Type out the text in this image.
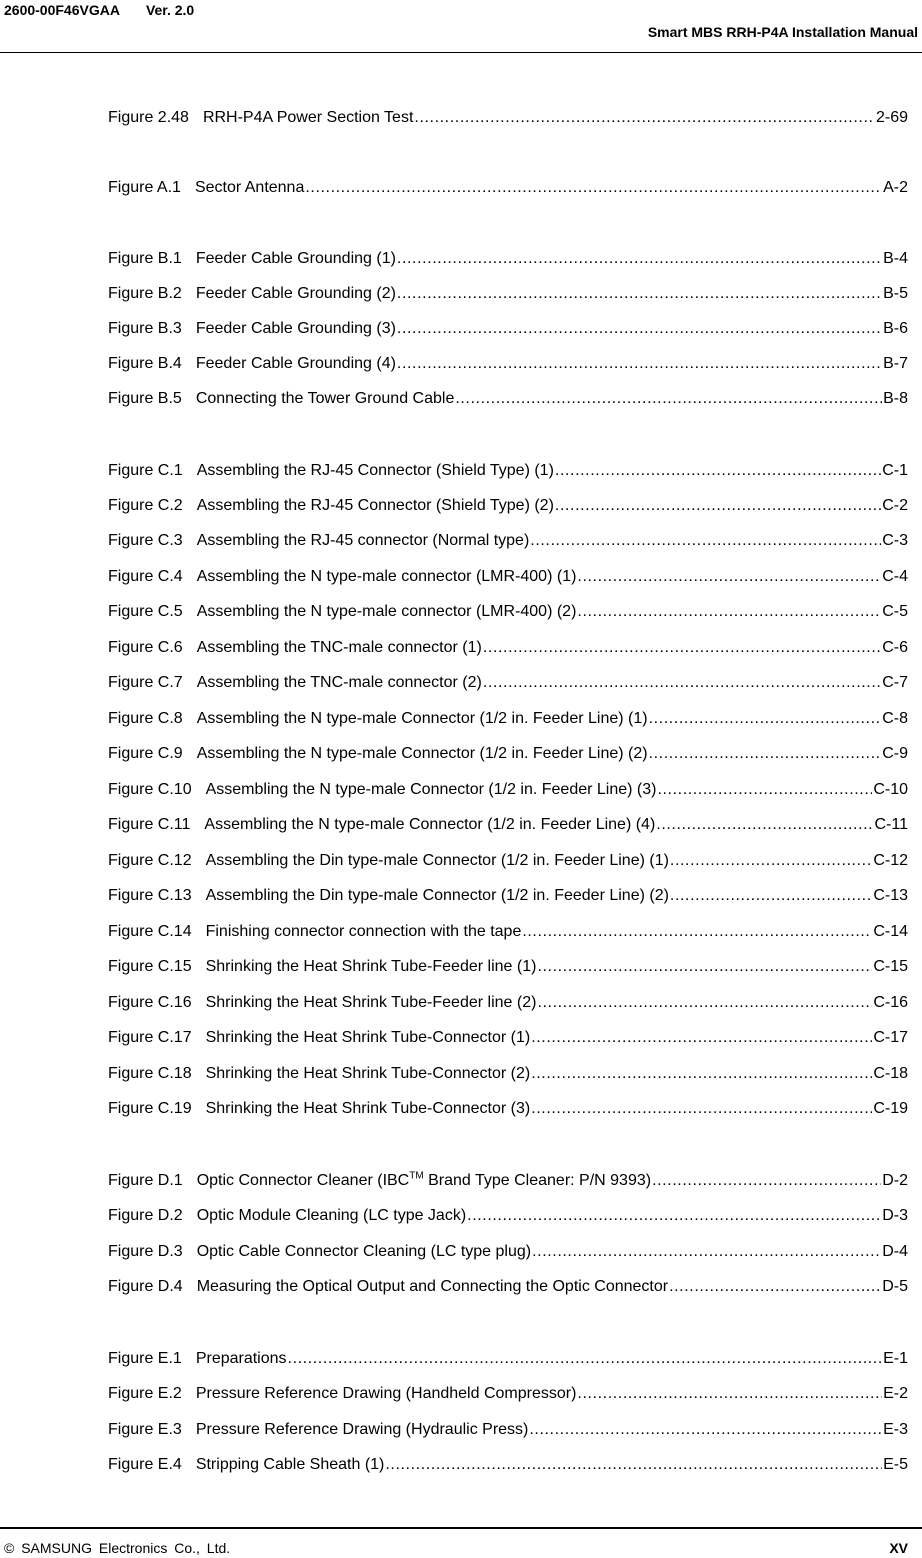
2600-00F46VGAA Ver. 2.0
Smart MBS RRH-P4A Installation Manual
Figure 2.48 RRH-P4A Power Section Test .....	2-69
Figure A.1 Sector Antenna .....	A-2
Figure B.1 Feeder Cable Grounding (1) .....	B-4
Figure B.2 Feeder Cable Grounding (2) .....	B-5
Figure B.3 Feeder Cable Grounding (3) .....	B-6
Figure B.4 Feeder Cable Grounding (4) .....	B-7
Figure B.5 Connecting the Tower Ground Cable .....	B-8
Figure C.1 Assembling the RJ-45 Connector (Shield Type) (1) .....	C-1
Figure C.2 Assembling the RJ-45 Connector (Shield Type) (2) .....	C-2
Figure C.3 Assembling the RJ-45 connector (Normal type) .....	C-3
Figure C.4 Assembling the N type-male connector (LMR-400) (1) .....	C-4
Figure C.5 Assembling the N type-male connector (LMR-400) (2) .....	C-5
Figure C.6 Assembling the TNC-male connector (1) .....	C-6
Figure C.7 Assembling the TNC-male connector (2) .....	C-7
Figure C.8 Assembling the N type-male Connector (1/2 in. Feeder Line) (1) .....	C-8
Figure C.9 Assembling the N type-male Connector (1/2 in. Feeder Line) (2) .....	C-9
Figure C.10 Assembling the N type-male Connector (1/2 in. Feeder Line) (3) .....	C-10
Figure C.11 Assembling the N type-male Connector (1/2 in. Feeder Line) (4) .....	C-11
Figure C.12 Assembling the Din type-male Connector (1/2 in. Feeder Line) (1) .....	C-12
Figure C.13 Assembling the Din type-male Connector (1/2 in. Feeder Line) (2) .....	C-13
Figure C.14 Finishing connector connection with the tape .....	C-14
Figure C.15 Shrinking the Heat Shrink Tube-Feeder line (1) .....	C-15
Figure C.16 Shrinking the Heat Shrink Tube-Feeder line (2) .....	C-16
Figure C.17 Shrinking the Heat Shrink Tube-Connector (1) .....	C-17
Figure C.18 Shrinking the Heat Shrink Tube-Connector (2) .....	C-18
Figure C.19 Shrinking the Heat Shrink Tube-Connector (3) .....	C-19
Figure D.1 Optic Connector Cleaner (IBC™ Brand Type Cleaner: P/N 9393) .....	D-2
Figure D.2 Optic Module Cleaning (LC type Jack) .....	D-3
Figure D.3 Optic Cable Connector Cleaning (LC type plug) .....	D-4
Figure D.4 Measuring the Optical Output and Connecting the Optic Connector .....	D-5
Figure E.1 Preparations .....	E-1
Figure E.2 Pressure Reference Drawing (Handheld Compressor) .....	E-2
Figure E.3 Pressure Reference Drawing (Hydraulic Press) .....	E-3
Figure E.4 Stripping Cable Sheath (1) .....	E-5
© SAMSUNG Electronics Co., Ltd.	XV
